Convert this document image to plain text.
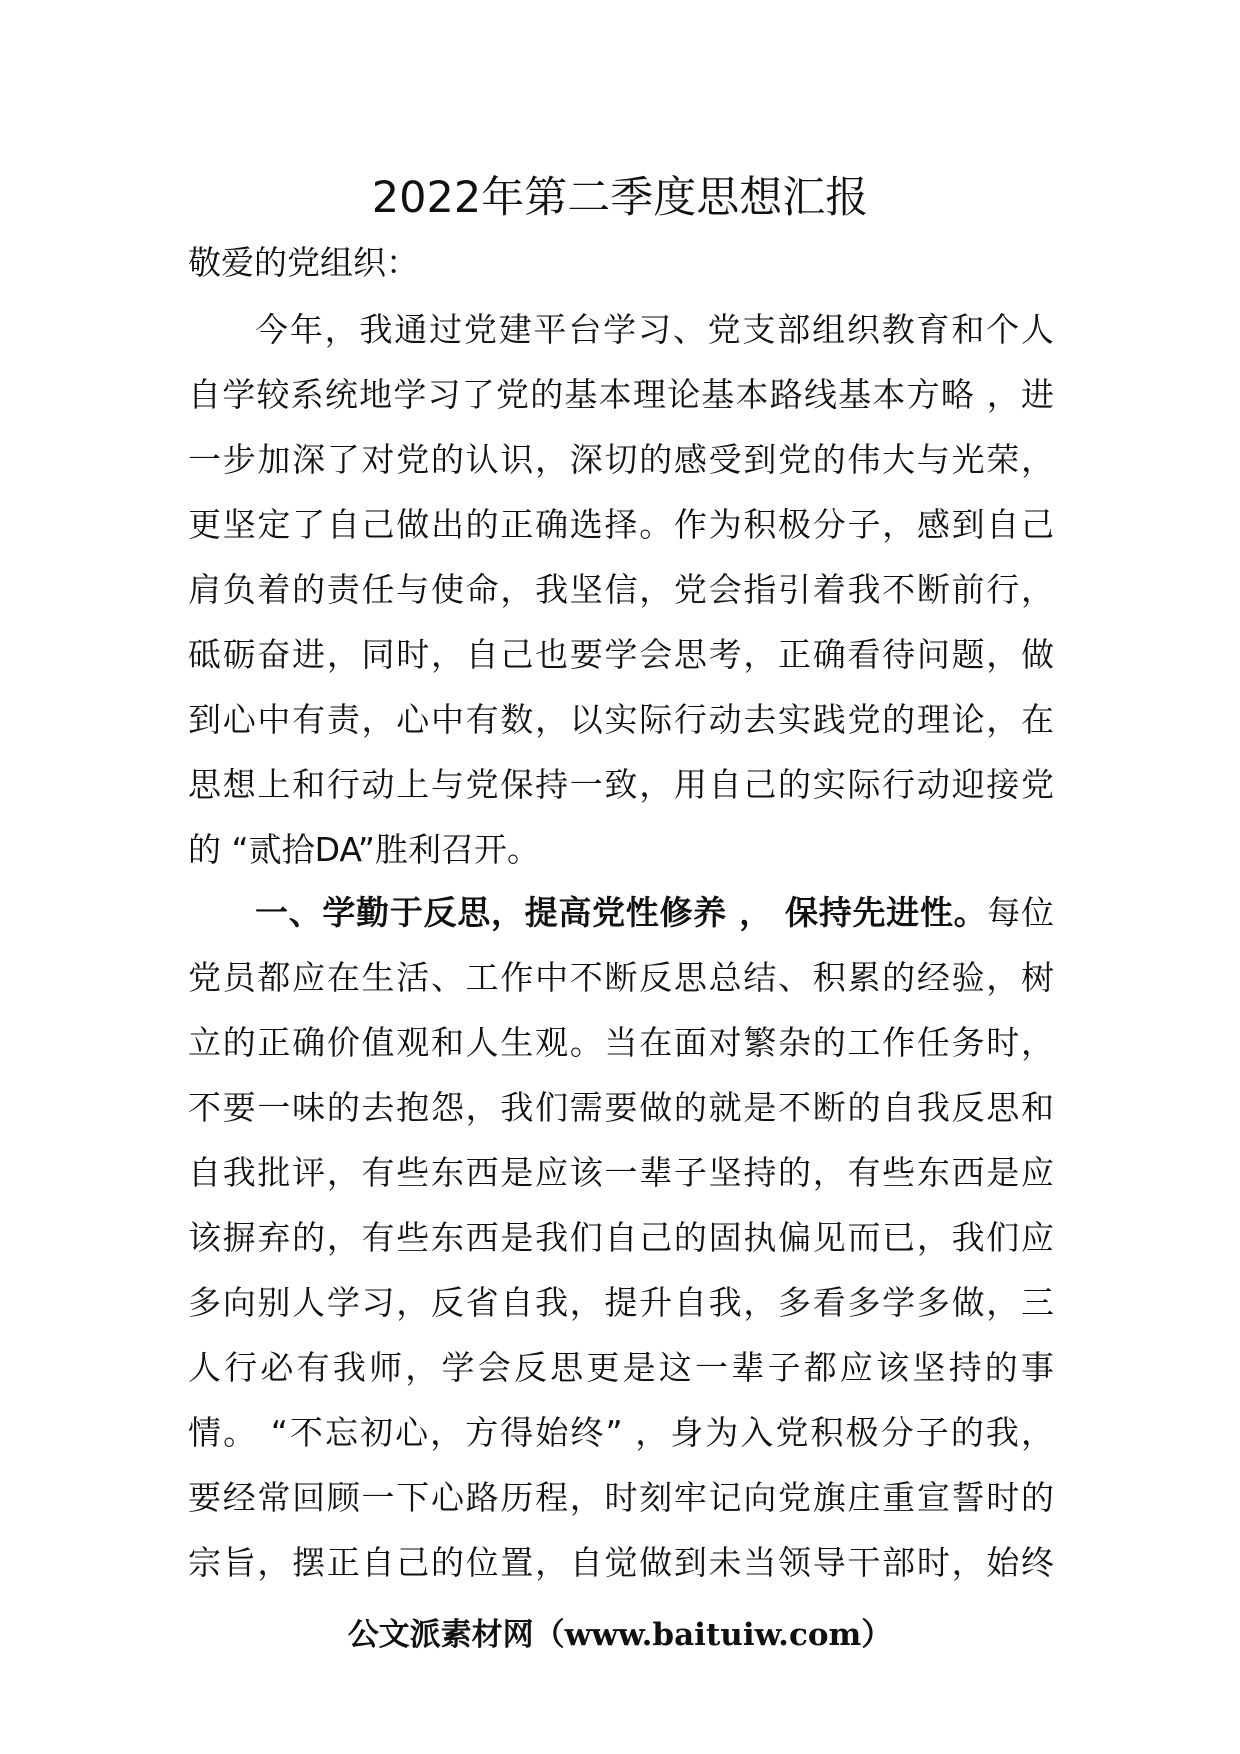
2022年第二季度思想汇报
敬爱的党组织：
今年，我通过党建平台学习、党支部组织教育和个人
自学较系统地学习了党的基本理论基本路线基本方略 ，进
一步加深了对党的认识，深切的感受到党的伟大与光荣，
更坚定了自己做出的正确选择。作为积极分子，感到自己
肩负着的责任与使命，我坚信，党会指引着我不断前行，
砥砺奋进，同时，自己也要学会思考，正确看待问题，做
到心中有责，心中有数，以实际行动去实践党的理论，在
思想上和行动上与党保持一致，用自己的实际行动迎接党
的 “贰拾DA”胜利召开。
一、学勤于反思，提高党性修养 ， 保持先进性。每位
党员都应在生活、工作中不断反思总结、积累的经验，树
立的正确价值观和人生观。当在面对繁杂的工作任务时，
不要一味的去抱怨，我们需要做的就是不断的自我反思和
自我批评，有些东西是应该一辈子坚持的，有些东西是应
该摒弃的，有些东西是我们自己的固执偏见而已，我们应
多向别人学习，反省自我，提升自我，多看多学多做，三
人行必有我师，学会反思更是这一辈子都应该坚持的事
情。 “不忘初心，方得始终” ，身为入党积极分子的我，
要经常回顾一下心路历程，时刻牢记向党旗庄重宣誓时的
宗旨，摆正自己的位置，自觉做到未当领导干部时，始终
公文派素材网（www.baituiw.com）
